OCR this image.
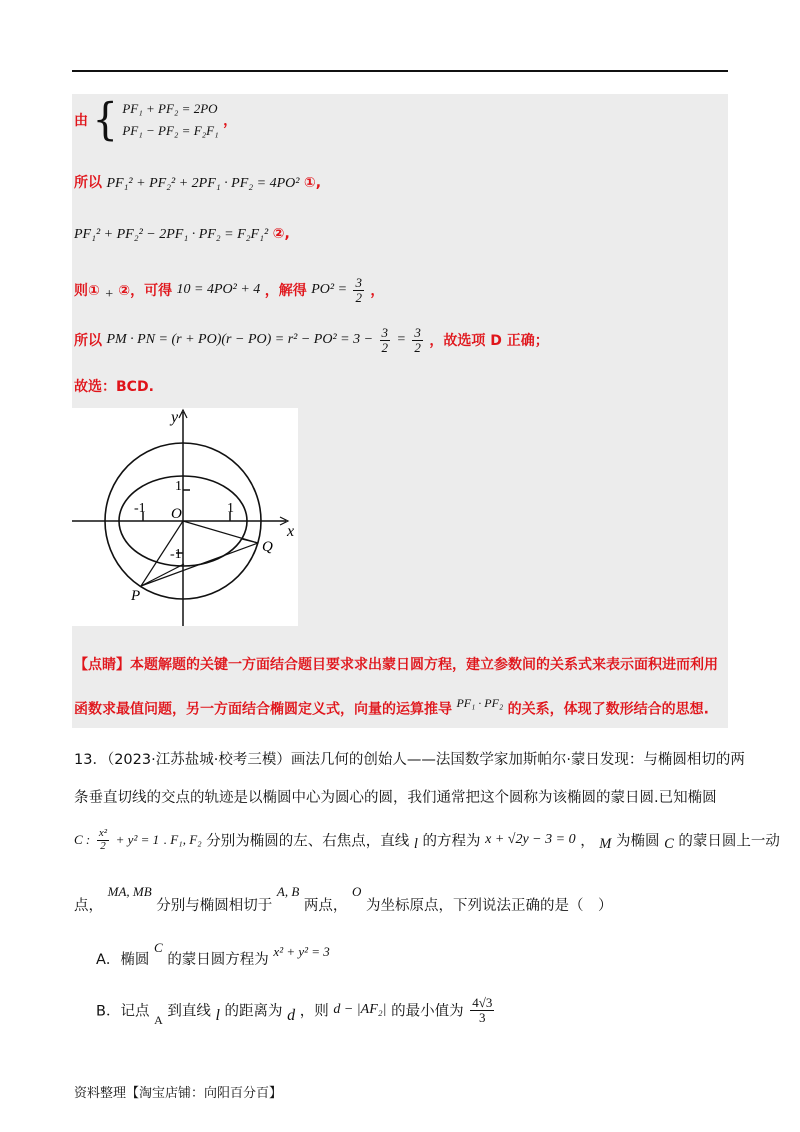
由 { PF₁ + PF₂ = 2PO
PF₁ − PF₂ = F₂F₁
，
所以 PF₁² + PF₂² + 2PF₁ · PF₂ = 4PO² ①,
PF₁² + PF₂² − 2PF₁ · PF₂ = F₂F₁² ②,
则① + ②，可得 10 = 4PO² + 4 ，解得 $PO^2 = \frac{3}{2}$ ，
所以 PM · PN = $(r + PO)(r - PO) = r^2 - PO^2 = 3 - \frac{3}{2} = \frac{3}{2}$ ，故选项 D 正确；
故选：BCD.
y
x
O
P
Q
1
-1	1
-1
【点睛】本题解题的关键一方面结合题目要求求出蒙日圆方程，建立参数间的关系式来表示面积进而利用
函数求最值问题，另一方面结合椭圆定义式，向量的运算推导 PF₁ · PF₂ 的关系，体现了数形结合的思想.
13．（2023·江苏盐城·校考三模）画法几何的创始人——法国数学家加斯帕尔·蒙日发现：与椭圆相切的两
条垂直切线的交点的轨迹是以椭圆中心为圆心的圆，我们通常把这个圆称为该椭圆的蒙日圆.已知椭圆
C : $\frac{\text{x²}}{2} + y^2 = 1$ . F₁, F₂ 分别为椭圆的左、右焦点，直线 l 的方程为 x + √2y − 3 = 0 ， M 为椭圆 C 的蒙日圆上一动
点， MA, MB 分别与椭圆相切于 A, B 两点， O 为坐标原点，下列说法正确的是（　）
A．椭圆 C 的蒙日圆方程为 x² + y² = 3
B．记点 $_A$ 到直线 l 的距离为 d ，则 d − |AF₂| 的最小值为 $\frac{4√3}{3}$
资料整理【淘宝店铺：向阳百分百】
